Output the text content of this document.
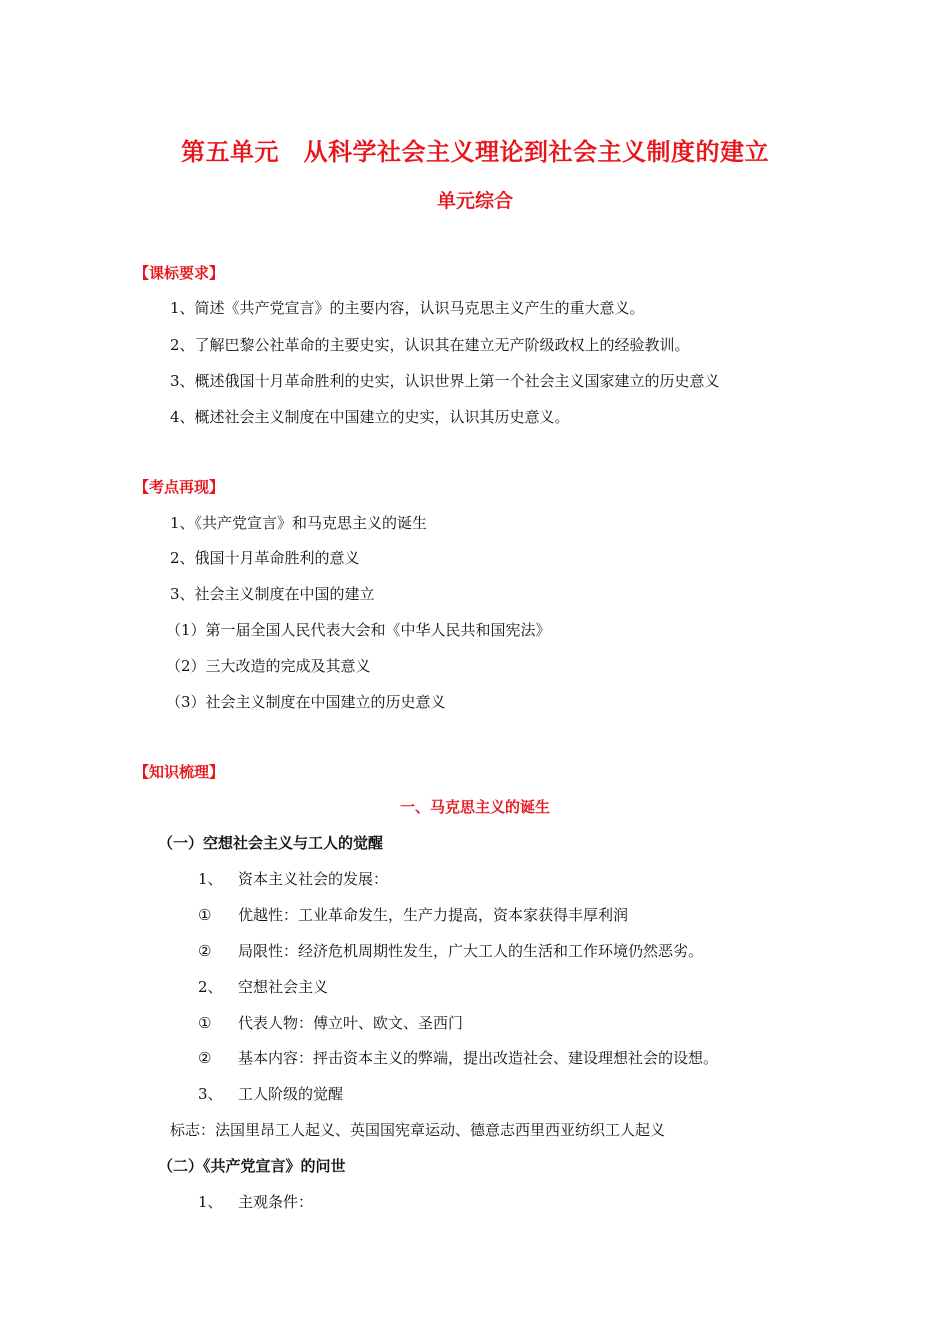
第五单元　从科学社会主义理论到社会主义制度的建立
单元综合
【课标要求】
1、简述《共产党宣言》的主要内容，认识马克思主义产生的重大意义。
2、了解巴黎公社革命的主要史实，认识其在建立无产阶级政权上的经验教训。
3、概述俄国十月革命胜利的史实，认识世界上第一个社会主义国家建立的历史意义
4、概述社会主义制度在中国建立的史实，认识其历史意义。
【考点再现】
1、《共产党宣言》和马克思主义的诞生
2、俄国十月革命胜利的意义
3、社会主义制度在中国的建立
（1）第一届全国人民代表大会和《中华人民共和国宪法》
（2）三大改造的完成及其意义
（3）社会主义制度在中国建立的历史意义
【知识梳理】
一、马克思主义的诞生
（一）空想社会主义与工人的觉醒
1、 资本主义社会的发展：
① 优越性：工业革命发生，生产力提高，资本家获得丰厚利润
② 局限性：经济危机周期性发生，广大工人的生活和工作环境仍然恶劣。
2、 空想社会主义
① 代表人物：傅立叶、欧文、圣西门
② 基本内容：抨击资本主义的弊端，提出改造社会、建设理想社会的设想。
3、 工人阶级的觉醒
标志：法国里昂工人起义、英国国宪章运动、德意志西里西亚纺织工人起义
（二）《共产党宣言》的问世
1、 主观条件：
